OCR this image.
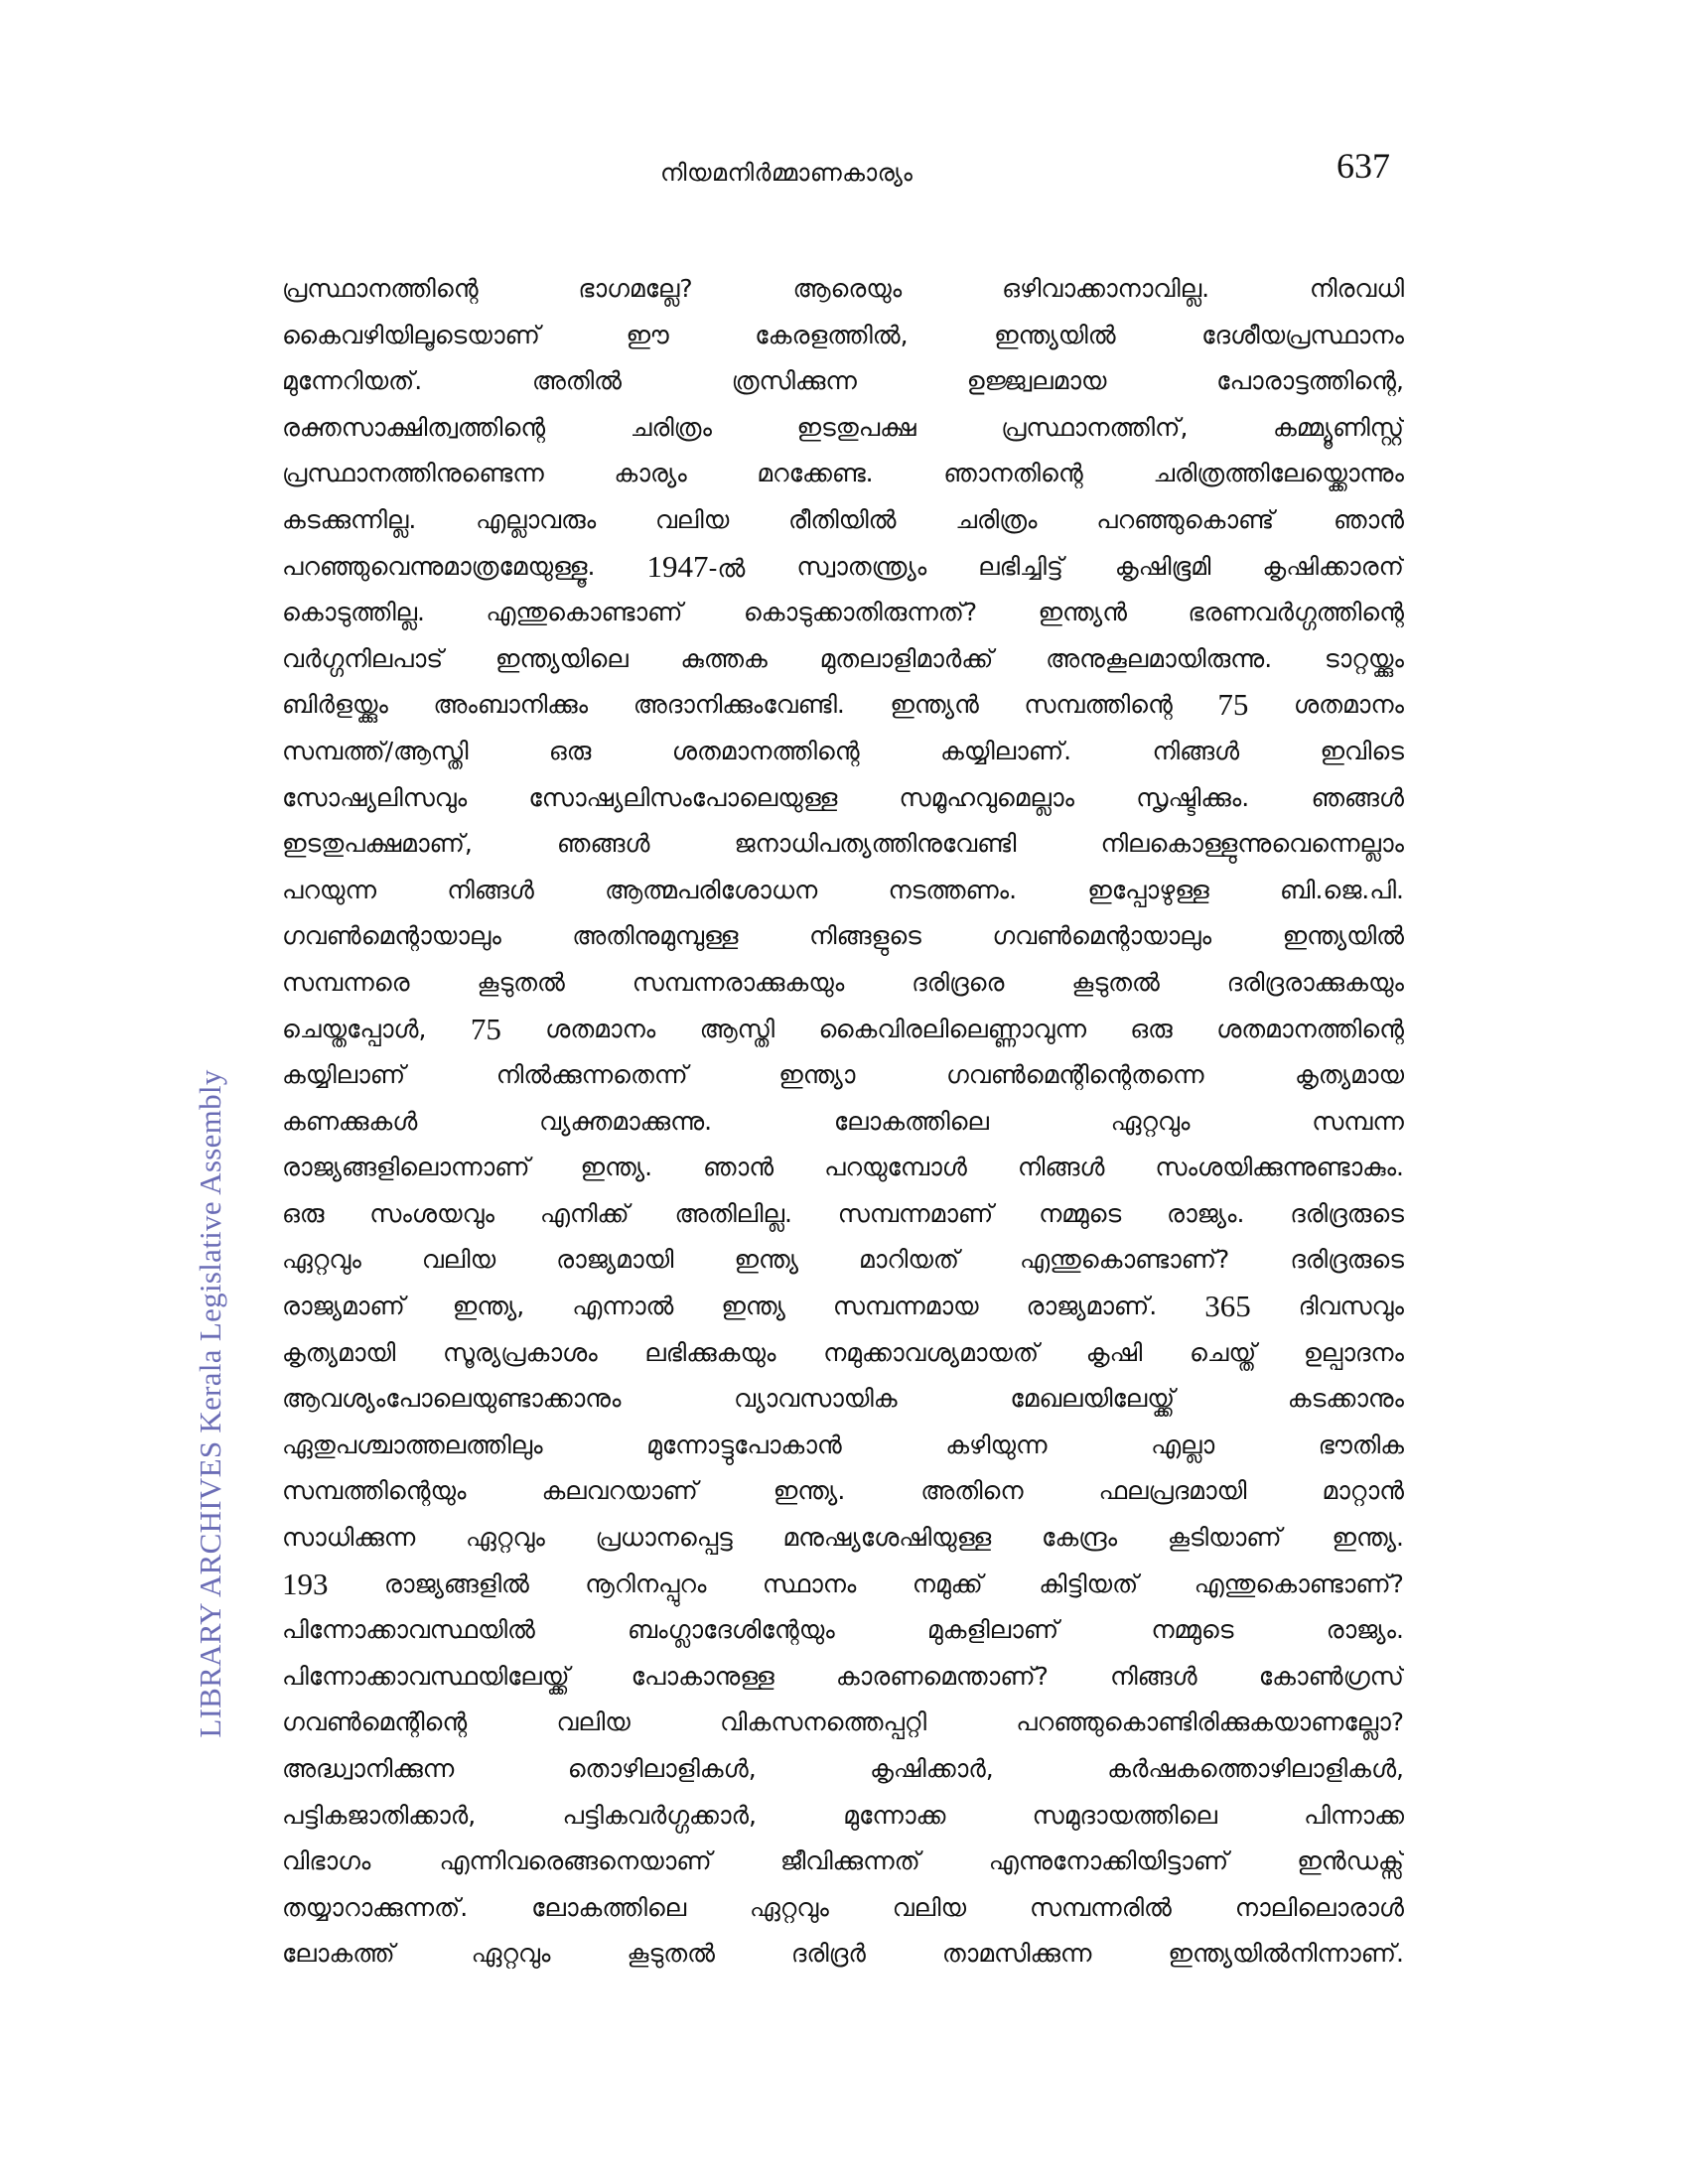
നിയമനിർമ്മാണകാര്യം	637
LIBRARY ARCHIVES Kerala Legislative Assembly
പ്രസ്ഥാനത്തിന്റെ	ഭാഗമല്ലേ?	ആരെയും	ഒഴിവാക്കാനാവില്ല.	നിരവധി
കൈവഴിയിലൂടെയാണ്	ഈ	കേരളത്തിൽ,	ഇന്ത്യയിൽ	ദേശീയപ്രസ്ഥാനം
മുന്നേറിയത്.	അതിൽ	ത്രസിക്കുന്ന	ഉജ്ജ്വലമായ	പോരാട്ടത്തിന്റെ,
രക്തസാക്ഷിത്വത്തിന്റെ	ചരിത്രം	ഇടതുപക്ഷ	പ്രസ്ഥാനത്തിന്,	കമ്മ്യൂണിസ്റ്റ്
പ്രസ്ഥാനത്തിനുണ്ടെന്ന	കാര്യം	മറക്കേണ്ട.	ഞാനതിന്റെ	ചരിത്രത്തിലേയ്ക്കൊന്നും
കടക്കുന്നില്ല. എല്ലാവരും വലിയ രീതിയിൽ ചരിത്രം പറഞ്ഞുകൊണ്ട് ഞാൻ
പറഞ്ഞുവെന്നുമാത്രമേയുള്ളൂ. 1947-ൽ സ്വാതന്ത്ര്യം ലഭിച്ചിട്ട് കൃഷിഭൂമി കൃഷിക്കാരന്
കൊടുത്തില്ല. എന്തുകൊണ്ടാണ് കൊടുക്കാതിരുന്നത്? ഇന്ത്യൻ ഭരണവർഗ്ഗത്തിന്റെ
വർഗ്ഗനിലപാട് ഇന്ത്യയിലെ കുത്തക മുതലാളിമാർക്ക് അനുകൂലമായിരുന്നു. ടാറ്റയ്ക്കും
ബിർളയ്ക്കും അംബാനിക്കും അദാനിക്കുംവേണ്ടി. ഇന്ത്യൻ സമ്പത്തിന്റെ 75 ശതമാനം
സമ്പത്ത്/ആസ്തി	ഒരു	ശതമാനത്തിന്റെ	കയ്യിലാണ്.	നിങ്ങൾ	ഇവിടെ
സോഷ്യലിസവും സോഷ്യലിസംപോലെയുള്ള സമൂഹവുമെല്ലാം സൃഷ്ടിക്കും. ഞങ്ങൾ
ഇടതുപക്ഷമാണ്,	ഞങ്ങൾ	ജനാധിപത്യത്തിനുവേണ്ടി	നിലകൊള്ളുന്നുവെന്നെല്ലാം
പറയുന്ന	നിങ്ങൾ	ആത്മപരിശോധന	നടത്തണം.	ഇപ്പോഴുള്ള	ബി.ജെ.പി.
ഗവൺമെന്റായാലും	അതിനുമുമ്പുള്ള	നിങ്ങളുടെ	ഗവൺമെന്റായാലും	ഇന്ത്യയിൽ
സമ്പന്നരെ	കൂടുതൽ	സമ്പന്നരാക്കുകയും	ദരിദ്രരെ	കൂടുതൽ	ദരിദ്രരാക്കുകയും
ചെയ്തപ്പോൾ, 75 ശതമാനം ആസ്തി കൈവിരലിലെണ്ണാവുന്ന ഒരു ശതമാനത്തിന്റെ
കയ്യിലാണ്	നിൽക്കുന്നതെന്ന്	ഇന്ത്യാ	ഗവൺമെന്റിന്റെതന്നെ	കൃത്യമായ
കണക്കുകൾ	വ്യക്തമാക്കുന്നു.	ലോകത്തിലെ	ഏറ്റവും	സമ്പന്ന
രാജ്യങ്ങളിലൊന്നാണ് ഇന്ത്യ. ഞാൻ പറയുമ്പോൾ നിങ്ങൾ സംശയിക്കുന്നുണ്ടാകും.
ഒരു സംശയവും എനിക്ക് അതിലില്ല. സമ്പന്നമാണ് നമ്മുടെ രാജ്യം. ദരിദ്രരുടെ
ഏറ്റവും വലിയ രാജ്യമായി ഇന്ത്യ മാറിയത് എന്തുകൊണ്ടാണ്? ദരിദ്രരുടെ
രാജ്യമാണ് ഇന്ത്യ, എന്നാൽ ഇന്ത്യ സമ്പന്നമായ രാജ്യമാണ്. 365 ദിവസവും
കൃത്യമായി സൂര്യപ്രകാശം ലഭിക്കുകയും നമുക്കാവശ്യമായത് കൃഷി ചെയ്ത് ഉല്പാദനം
ആവശ്യംപോലെയുണ്ടാക്കാനും	വ്യാവസായിക	മേഖലയിലേയ്ക്ക്	കടക്കാനും
ഏതുപശ്ചാത്തലത്തിലും	മുന്നോട്ടുപോകാൻ	കഴിയുന്ന	എല്ലാ	ഭൗതിക
സമ്പത്തിന്റെയും	കലവറയാണ്	ഇന്ത്യ.	അതിനെ	ഫലപ്രദമായി	മാറ്റാൻ
സാധിക്കുന്ന ഏറ്റവും പ്രധാനപ്പെട്ട മനുഷ്യശേഷിയുള്ള കേന്ദ്രം കൂടിയാണ് ഇന്ത്യ.
193 രാജ്യങ്ങളിൽ നൂറിനപ്പുറം സ്ഥാനം നമുക്ക് കിട്ടിയത് എന്തുകൊണ്ടാണ്?
പിന്നോക്കാവസ്ഥയിൽ	ബംഗ്ലാദേശിന്റേയും	മുകളിലാണ്	നമ്മുടെ	രാജ്യം.
പിന്നോക്കാവസ്ഥയിലേയ്ക്ക് പോകാനുള്ള കാരണമെന്താണ്? നിങ്ങൾ കോൺഗ്രസ്
ഗവൺമെന്റിന്റെ	വലിയ	വികസനത്തെപ്പറ്റി	പറഞ്ഞുകൊണ്ടിരിക്കുകയാണല്ലോ?
അദ്ധ്വാനിക്കുന്ന	തൊഴിലാളികൾ,	കൃഷിക്കാർ,	കർഷകത്തൊഴിലാളികൾ,
പട്ടികജാതിക്കാർ,	പട്ടികവർഗ്ഗക്കാർ,	മുന്നോക്ക	സമുദായത്തിലെ	പിന്നാക്ക
വിഭാഗം	എന്നിവരെങ്ങനെയാണ്	ജീവിക്കുന്നത്	എന്നുനോക്കിയിട്ടാണ്	ഇൻഡക്സ്
തയ്യാറാക്കുന്നത്.	ലോകത്തിലെ	ഏറ്റവും	വലിയ	സമ്പന്നരിൽ	നാലിലൊരാൾ
ലോകത്ത്	ഏറ്റവും	കൂടുതൽ	ദരിദ്രർ	താമസിക്കുന്ന	ഇന്ത്യയിൽനിന്നാണ്.
